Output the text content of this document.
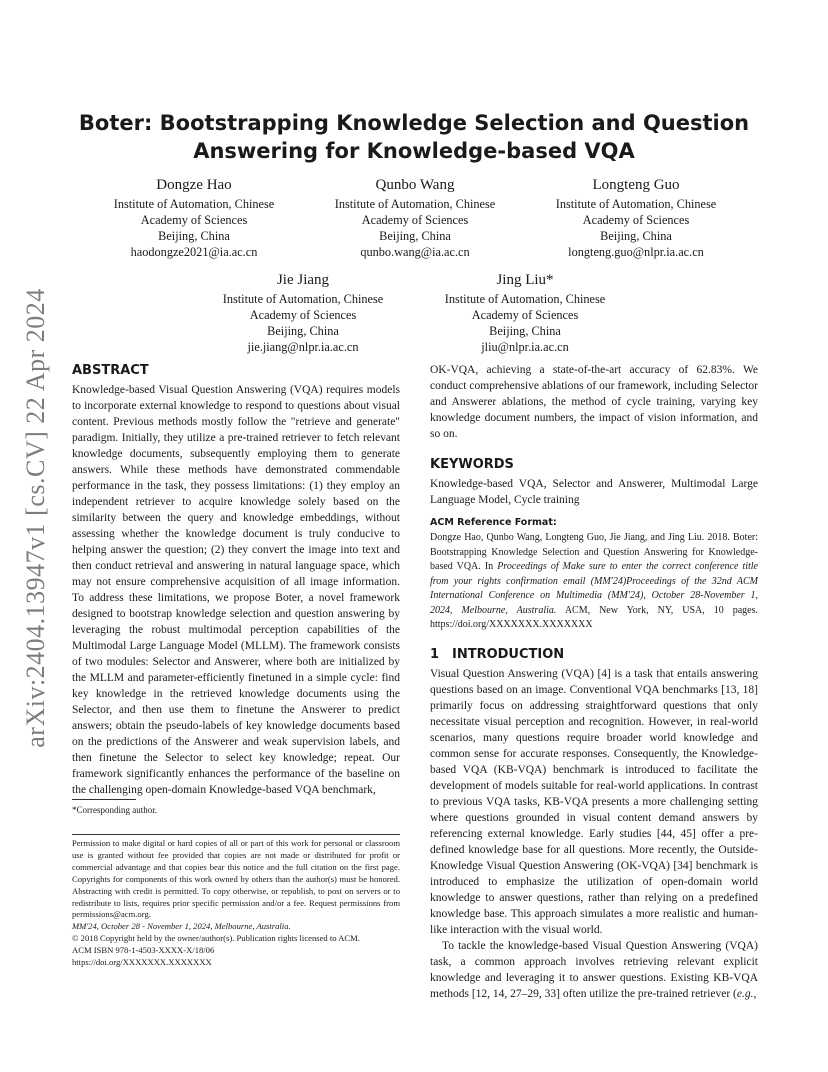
arXiv:2404.13947v1 [cs.CV] 22 Apr 2024
Boter: Bootstrapping Knowledge Selection and Question
Answering for Knowledge-based VQA
Dongze Hao
Institute of Automation, Chinese
Academy of Sciences
Beijing, China
haodongze2021@ia.ac.cn
Qunbo Wang
Institute of Automation, Chinese
Academy of Sciences
Beijing, China
qunbo.wang@ia.ac.cn
Longteng Guo
Institute of Automation, Chinese
Academy of Sciences
Beijing, China
longteng.guo@nlpr.ia.ac.cn
Jie Jiang
Institute of Automation, Chinese
Academy of Sciences
Beijing, China
jie.jiang@nlpr.ia.ac.cn
Jing Liu*
Institute of Automation, Chinese
Academy of Sciences
Beijing, China
jliu@nlpr.ia.ac.cn
ABSTRACT

Knowledge-based Visual Question Answering (VQA) requires models to incorporate external knowledge to respond to questions about visual content. Previous methods mostly follow the "retrieve and generate" paradigm. Initially, they utilize a pre-trained retriever to fetch relevant knowledge documents, subsequently employing them to generate answers. While these methods have demonstrated commendable performance in the task, they possess limitations: (1) they employ an independent retriever to acquire knowledge solely based on the similarity between the query and knowledge embeddings, without assessing whether the knowledge document is truly conducive to helping answer the question; (2) they convert the image into text and then conduct retrieval and answering in natural language space, which may not ensure comprehensive acquisition of all image information. To address these limitations, we propose Boter, a novel framework designed to bootstrap knowledge selection and question answering by leveraging the robust multimodal perception capabilities of the Multimodal Large Language Model (MLLM). The framework consists of two modules: Selector and Answerer, where both are initialized by the MLLM and parameter-efficiently finetuned in a simple cycle: find key knowledge in the retrieved knowledge documents using the Selector, and then use them to finetune the Answerer to predict answers; obtain the pseudo-labels of key knowledge documents based on the predictions of the Answerer and weak supervision labels, and then finetune the Selector to select key knowledge; repeat. Our framework significantly enhances the performance of the baseline on the challenging open-domain Knowledge-based VQA benchmark,

OK-VQA, achieving a state-of-the-art accuracy of 62.83%. We conduct comprehensive ablations of our framework, including Selector and Answerer ablations, the method of cycle training, varying key knowledge document numbers, the impact of vision information, and so on.

KEYWORDS

Knowledge-based VQA, Selector and Answerer, Multimodal Large Language Model, Cycle training

ACM Reference Format:

Dongze Hao, Qunbo Wang, Longteng Guo, Jie Jiang, and Jing Liu. 2018. Boter: Bootstrapping Knowledge Selection and Question Answering for Knowledge-based VQA. In Proceedings of Make sure to enter the correct conference title from your rights confirmation email (MM'24)Proceedings of the 32nd ACM International Conference on Multimedia (MM'24), October 28-November 1, 2024, Melbourne, Australia. ACM, New York, NY, USA, 10 pages. https://doi.org/XXXXXXX.XXXXXXX

1 INTRODUCTION

Visual Question Answering (VQA) [4] is a task that entails answering questions based on an image. Conventional VQA benchmarks [13, 18] primarily focus on addressing straightforward questions that only necessitate visual perception and recognition. However, in real-world scenarios, many questions require broader world knowledge and common sense for accurate responses. Consequently, the Knowledge-based VQA (KB-VQA) benchmark is introduced to facilitate the development of models suitable for real-world applications. In contrast to previous VQA tasks, KB-VQA presents a more challenging setting where questions grounded in visual content demand answers by referencing external knowledge. Early studies [44, 45] offer a pre-defined knowledge base for all questions. More recently, the Outside-Knowledge Visual Question Answering (OK-VQA) [34] benchmark is introduced to emphasize the utilization of open-domain world knowledge to answer questions, rather than relying on a predefined knowledge base. This approach simulates a more realistic and human-like interaction with the visual world.

To tackle the knowledge-based Visual Question Answering (VQA) task, a common approach involves retrieving relevant explicit knowledge and leveraging it to answer questions. Existing KB-VQA methods [12, 14, 27–29, 33] often utilize the pre-trained retriever (e.g.,

*Corresponding author.

Permission to make digital or hard copies of all or part of this work for personal or classroom use is granted without fee provided that copies are not made or distributed for profit or commercial advantage and that copies bear this notice and the full citation on the first page. Copyrights for components of this work owned by others than the author(s) must be honored. Abstracting with credit is permitted. To copy otherwise, or republish, to post on servers or to redistribute to lists, requires prior specific permission and/or a fee. Request permissions from permissions@acm.org.

MM'24, October 28 - November 1, 2024, Melbourne, Australia.

© 2018 Copyright held by the owner/author(s). Publication rights licensed to ACM.

ACM ISBN 978-1-4503-XXXX-X/18/06

https://doi.org/XXXXXXX.XXXXXXX
